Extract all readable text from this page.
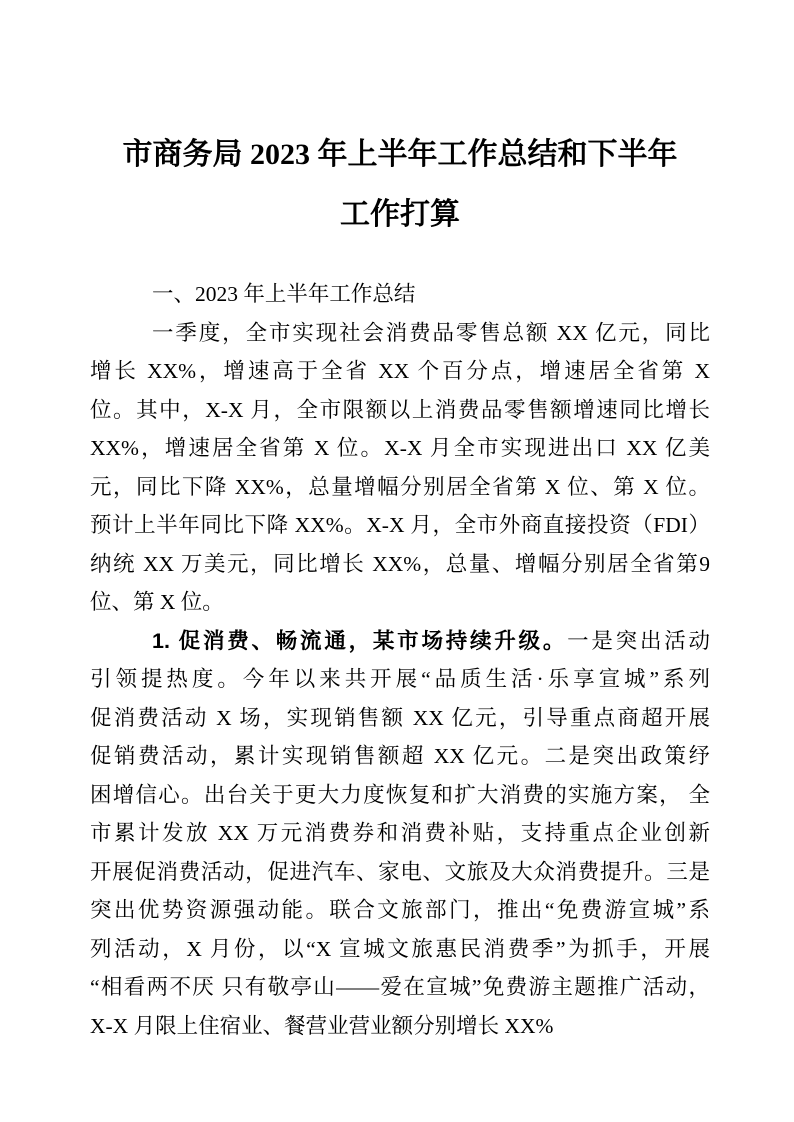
市商务局 2023 年上半年工作总结和下半年
工作打算
一、2023 年上半年工作总结
一季度，全市实现社会消费品零售总额 XX 亿元，同比
增长 XX%，增速高于全省 XX 个百分点，增速居全省第 X
位。其中，X-X 月，全市限额以上消费品零售额增速同比增长
XX%，增速居全省第 X 位。X-X 月全市实现进出口 XX 亿美
元，同比下降 XX%，总量增幅分别居全省第 X 位、第 X 位。
预计上半年同比下降 XX%。X-X 月，全市外商直接投资（FDI）
纳统 XX 万美元，同比增长 XX%，总量、增幅分别居全省第9
位、第 X 位。
1. 促消费、畅流通，某市场持续升级。一是突出活动
引领提热度。今年以来共开展“品质生活·乐享宣城”系列
促消费活动 X 场，实现销售额 XX 亿元，引导重点商超开展
促销费活动，累计实现销售额超 XX 亿元。二是突出政策纾
困增信心。出台关于更大力度恢复和扩大消费的实施方案， 全
市累计发放 XX 万元消费券和消费补贴，支持重点企业创新
开展促消费活动，促进汽车、家电、文旅及大众消费提升。三是
突出优势资源强动能。联合文旅部门，推出“免费游宣城”系
列活动，X 月份，以“X 宣城文旅惠民消费季”为抓手，开展
“相看两不厌 只有敬亭山——爱在宣城”免费游主题推广活动，
X-X 月限上住宿业、餐营业营业额分别增长 XX%
